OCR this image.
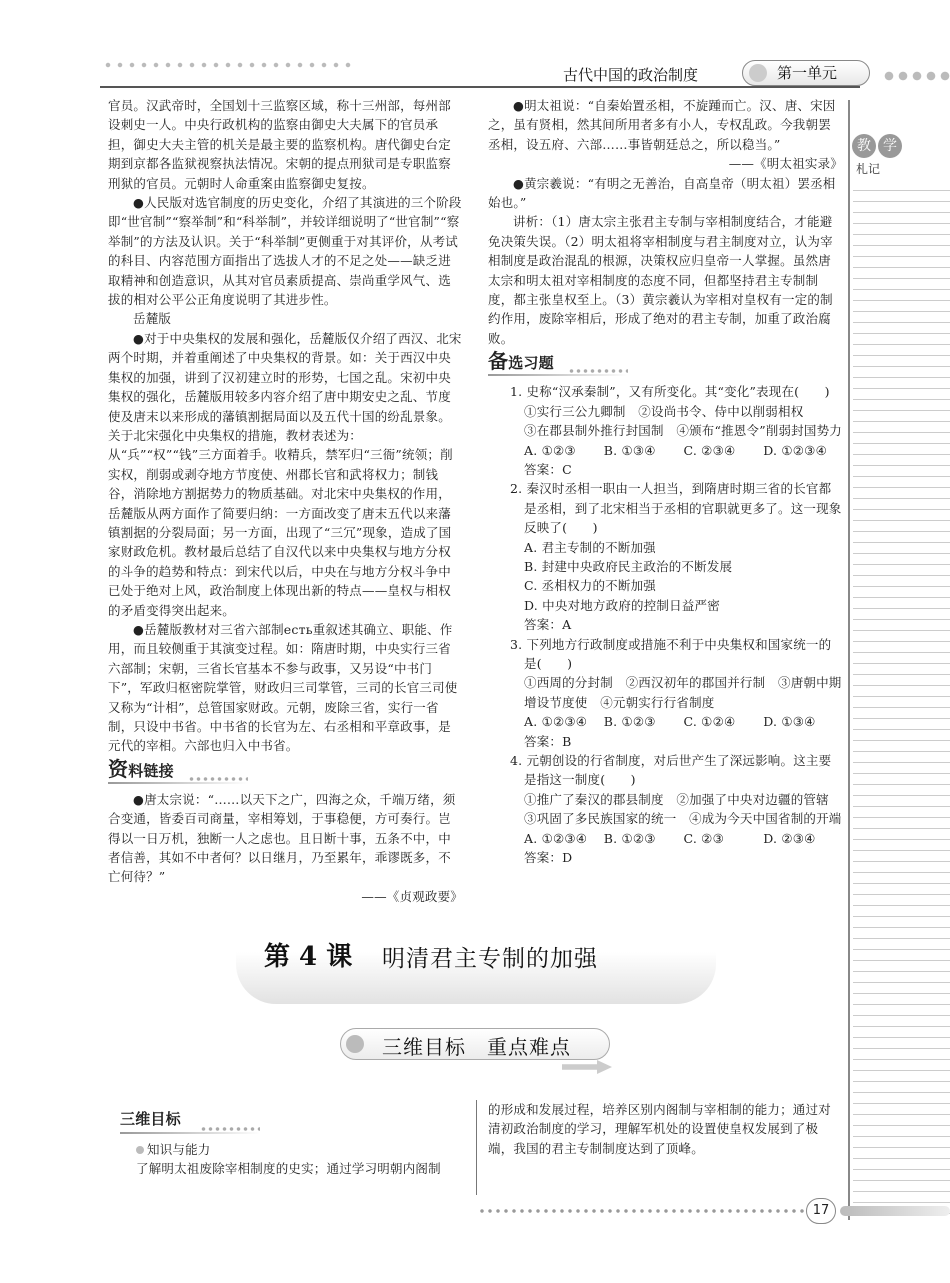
古代中国的政治制度	第一单元
教 学
札记

官员。汉武帝时，全国划十三监察区域，称十三州部，每州部设刺史一人。中央行政机构的监察由御史大夫属下的官员承担，御史大夫主管的机关是最主要的监察机构。唐代御史台定期到京都各监狱视察执法情况。宋朝的提点刑狱司是专职监察刑狱的官员。元朝时人命重案由监察御史复按。

●人民版对选官制度的历史变化，介绍了其演进的三个阶段即“世官制”“察举制”和“科举制”，并较详细说明了“世官制”“察举制”的方法及认识。关于“科举制”更侧重于对其评价，从考试的科目、内容范围方面指出了选拔人才的不足之处——缺乏进取精神和创造意识，从其对官员素质提高、崇尚重学风气、选拔的相对公平公正角度说明了其进步性。

岳麓版

●对于中央集权的发展和强化，岳麓版仅介绍了西汉、北宋两个时期，并着重阐述了中央集权的背景。如：关于西汉中央集权的加强，讲到了汉初建立时的形势，七国之乱。宋初中央集权的强化，岳麓版用较多内容介绍了唐中期安史之乱、节度使及唐末以来形成的藩镇割据局面以及五代十国的纷乱景象。关于北宋强化中央集权的措施，教材表述为：从“兵”“权”“钱”三方面着手。收精兵，禁军归“三衙”统领；削实权，削弱或剥夺地方节度使、州郡长官和武将权力；制钱谷，消除地方割据势力的物质基础。对北宋中央集权的作用，岳麓版从两方面作了简要归纳：一方面改变了唐末五代以来藩镇割据的分裂局面；另一方面，出现了“三冗”现象，造成了国家财政危机。教材最后总结了自汉代以来中央集权与地方分权的斗争的趋势和特点：到宋代以后，中央在与地方分权斗争中已处于绝对上风，政治制度上体现出新的特点——皇权与相权的矛盾变得突出起来。

●岳麓版教材对三省六部制есть重叙述其确立、职能、作用，而且较侧重于其演变过程。如：隋唐时期，中央实行三省六部制；宋朝，三省长官基本不参与政事，又另设“中书门下”，军政归枢密院掌管，财政归三司掌管，三司的长官三司使又称为“计相”，总管国家财政。元朝，废除三省，实行一省制，只设中书省。中书省的长官为左、右丞相和平章政事，是元代的宰相。六部也归入中书省。

资料链接

●唐太宗说：“……以天下之广，四海之众，千端万绪，须合变通，皆委百司商量，宰相筹划，于事稳便，方可奏行。岂得以一日万机，独断一人之虑也。且日断十事，五条不中，中者信善，其如不中者何？以日继月，乃至累年，乖谬既多，不亡何待？”

——《贞观政要》

●明太祖说：“自秦始置丞相，不旋踵而亡。汉、唐、宋因之，虽有贤相，然其间所用者多有小人，专权乱政。今我朝罢丞相，设五府、六部……事皆朝廷总之，所以稳当。”

——《明太祖实录》

●黄宗羲说：“有明之无善治，自高皇帝（明太祖）罢丞相始也。”

讲析：（1）唐太宗主张君主专制与宰相制度结合，才能避免决策失误。（2）明太祖将宰相制度与君主制度对立，认为宰相制度是政治混乱的根源，决策权应归皇帝一人掌握。虽然唐太宗和明太祖对宰相制度的态度不同，但都坚持君主专制制度，都主张皇权至上。（3）黄宗羲认为宰相对皇权有一定的制约作用，废除宰相后，形成了绝对的君主专制，加重了政治腐败。

备选习题
1. 史称“汉承秦制”，又有所变化。其“变化”表现在(　　)
①实行三公九卿制　②设尚书令、侍中以削弱相权
③在郡县制外推行封国制　④颁布“推恩令”削弱封国势力
A. ①②③	B. ①③④	C. ②③④	D. ①②③④
答案：C
2. 秦汉时丞相一职由一人担当，到隋唐时期三省的长官都是丞相，到了北宋相当于丞相的官职就更多了。这一现象反映了(　　)
A. 君主专制的不断加强
B. 封建中央政府民主政治的不断发展
C. 丞相权力的不断加强
D. 中央对地方政府的控制日益严密
答案：A
3. 下列地方行政制度或措施不利于中央集权和国家统一的是(　　)
①西周的分封制　②西汉初年的郡国并行制　③唐朝中期增设节度使　④元朝实行行省制度
A. ①②③④	B. ①②③	C. ①②④	D. ①③④
答案：B
4. 元朝创设的行省制度，对后世产生了深远影响。这主要是指这一制度(　　)
①推广了秦汉的郡县制度　②加强了中央对边疆的管辖　③巩固了多民族国家的统一　④成为今天中国省制的开端
A. ①②③④	B. ①②③	C. ②③	D. ②③④
答案：D
第 4 课 明清君主专制的加强
三维目标　重点难点
三维目标
知识与能力

了解明太祖废除宰相制度的史实；通过学习明朝内阁制

的形成和发展过程，培养区别内阁制与宰相制的能力；通过对清初政治制度的学习，理解军机处的设置使皇权发展到了极端，我国的君主专制制度达到了顶峰。

17
